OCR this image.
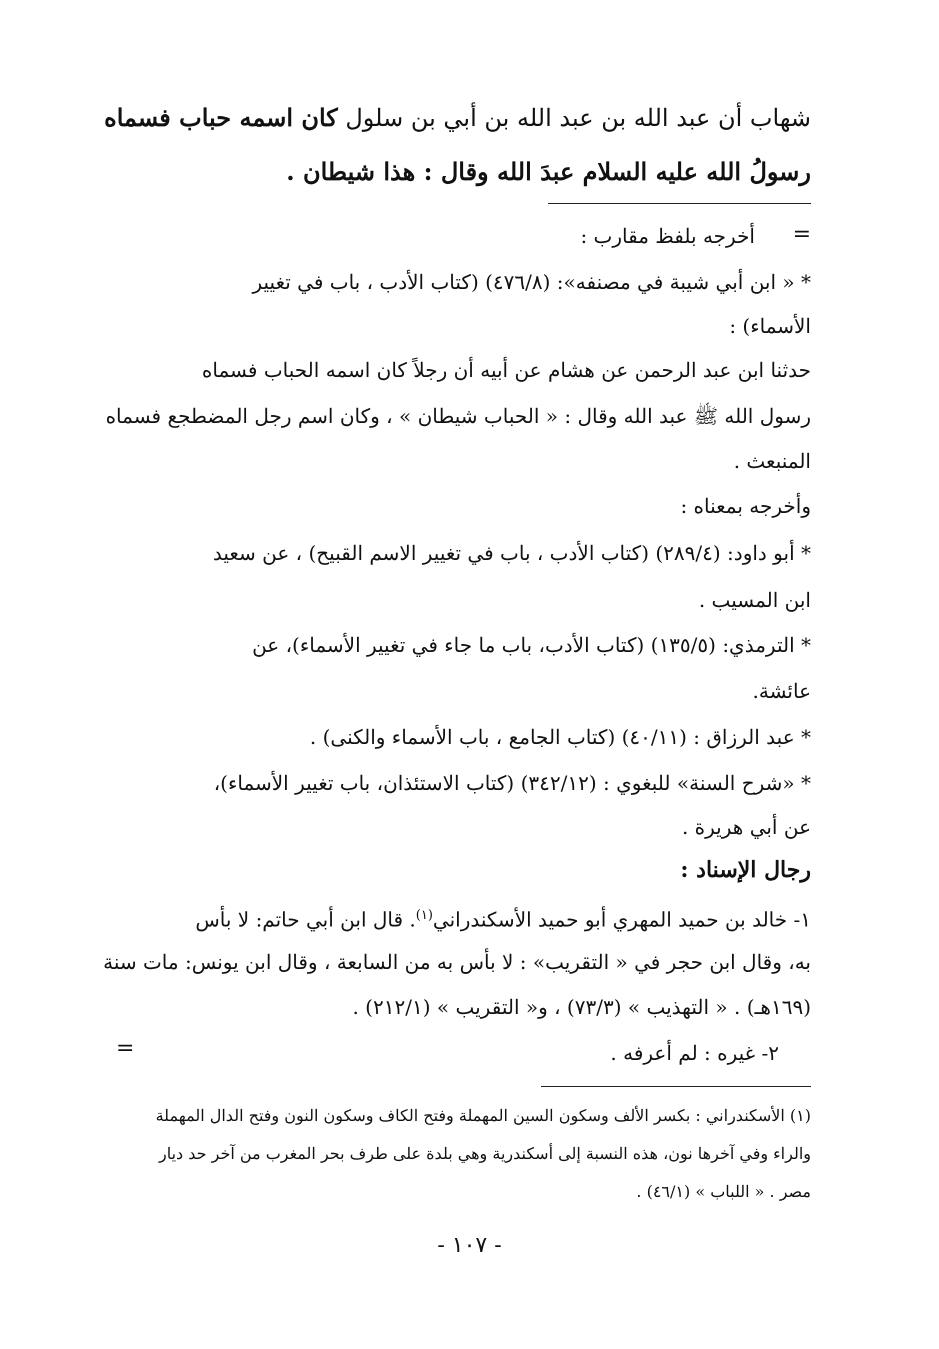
شهاب أن عبد الله بن عبد الله بن أبي بن سلول كان اسمه حباب فسماه

رسولُ الله عليه السلام عبدَ الله وقال : هذا شيطان .

=

أخرجه بلفظ مقارب :

* « ابن أبي شيبة في مصنفه»: (٤٧٦/٨) (كتاب الأدب ، باب في تغيير

الأسماء) :

حدثنا ابن عبد الرحمن عن هشام عن أبيه أن رجلاً كان اسمه الحباب فسماه

رسول الله ﷺ عبد الله وقال : « الحباب شيطان » ، وكان اسم رجل المضطجع فسماه

المنبعث .

وأخرجه بمعناه :

* أبو داود: (٢٨٩/٤) (كتاب الأدب ، باب في تغيير الاسم القبيح) ، عن سعيد

ابن المسيب .

* الترمذي: (١٣٥/٥) (كتاب الأدب، باب ما جاء في تغيير الأسماء)، عن

عائشة.

* عبد الرزاق : (٤٠/١١) (كتاب الجامع ، باب الأسماء والكنى) .

* «شرح السنة» للبغوي : (٣٤٢/١٢) (كتاب الاستئذان، باب تغيير الأسماء)،

عن أبي هريرة .

رجال الإسناد :

١- خالد بن حميد المهري أبو حميد الأسكندراني$^{(١)}$. قال ابن أبي حاتم: لا بأس

به، وقال ابن حجر في « التقريب» : لا بأس به من السابعة ، وقال ابن يونس: مات سنة

(١٦٩هـ) . « التهذيب » (٧٣/٣) ، و« التقريب » (٢١٢/١) .

٢- غيره : لم أعرفه .

=

(١) الأسكندراني : بكسر الألف وسكون السين المهملة وفتح الكاف وسكون النون وفتح الدال المهملة

والراء وفي آخرها نون، هذه النسبة إلى أسكندرية وهي بلدة على طرف بحر المغرب من آخر حد ديار

مصر . « اللباب » (٤٦/١) .

- ١٠٧ -
